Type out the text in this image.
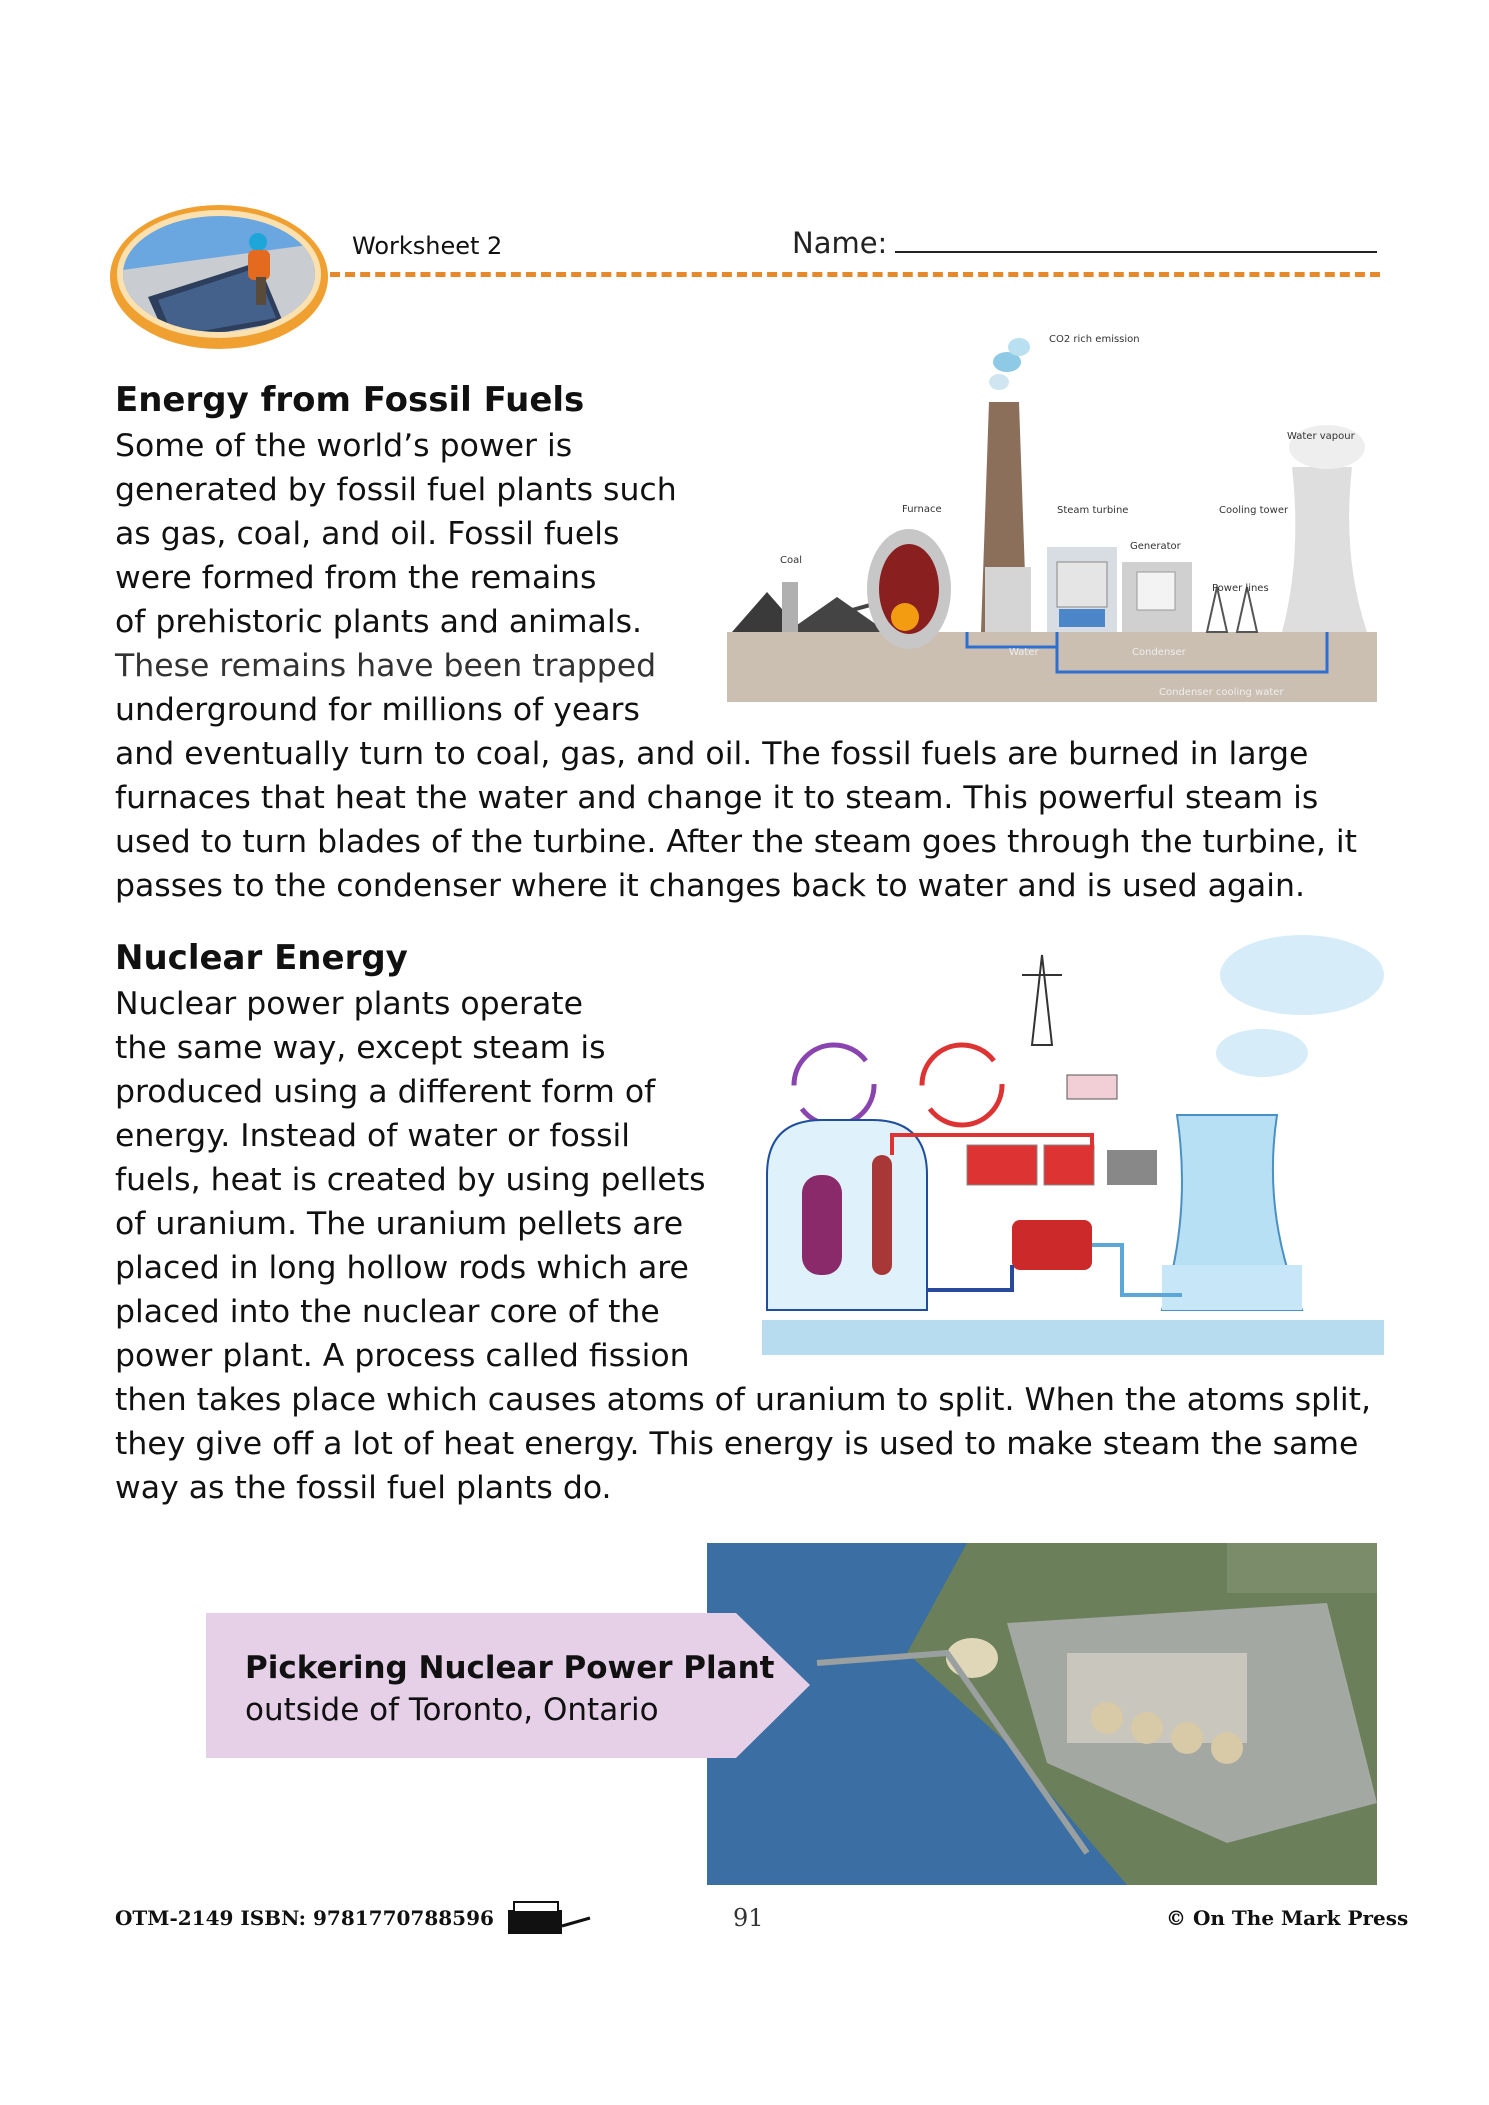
Worksheet 2	Name:
Energy from Fossil Fuels
Some of the world’s power is
generated by fossil fuel plants such
as gas, coal, and oil. Fossil fuels
were formed from the remains
of prehistoric plants and animals.
These remains have been trapped
underground for millions of years
and eventually turn to coal, gas, and oil. The fossil fuels are burned in large
furnaces that heat the water and change it to steam. This powerful steam is
used to turn blades of the turbine. After the steam goes through the turbine, it
passes to the condenser where it changes back to water and is used again.
CO2 rich emission
Water vapour
Furnace	Steam turbine	Cooling tower
Generator
Coal
Power lines
Water	Condenser
Condenser cooling water
Nuclear Energy
Nuclear power plants operate
the same way, except steam is
produced using a different form of
energy. Instead of water or fossil
fuels, heat is created by using pellets
of uranium. The uranium pellets are
placed in long hollow rods which are
placed into the nuclear core of the
power plant. A process called fission
then takes place which causes atoms of uranium to split. When the atoms split,
they give off a lot of heat energy. This energy is used to make steam the same
way as the fossil fuel plants do.
Pickering Nuclear Power Plant
outside of Toronto, Ontario
OTM-2149 ISBN: 9781770788596	91	© On The Mark Press
